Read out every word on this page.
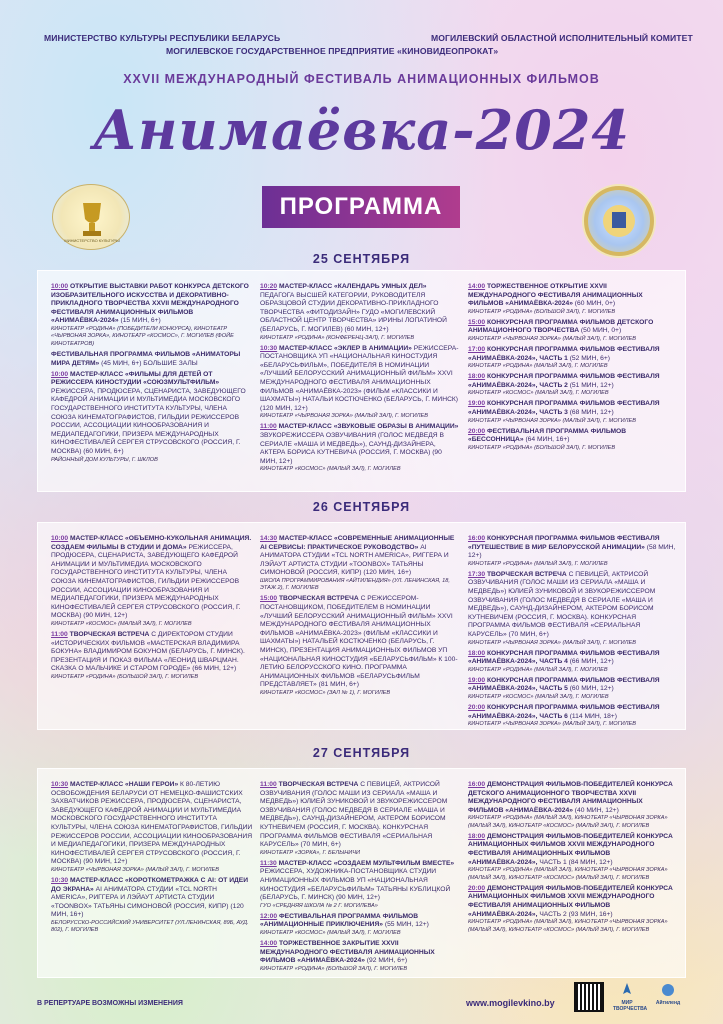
МИНИСТЕРСТВО КУЛЬТУРЫ РЕСПУБЛИКИ БЕЛАРУСЬ	МОГИЛЕВСКИЙ ОБЛАСТНОЙ ИСПОЛНИТЕЛЬНЫЙ КОМИТЕТ
МОГИЛЕВСКОЕ ГОСУДАРСТВЕННОЕ ПРЕДПРИЯТИЕ «КИНОВИДЕОПРОКАТ»
XXVII МЕЖДУНАРОДНЫЙ ФЕСТИВАЛЬ АНИМАЦИОННЫХ ФИЛЬМОВ
Анимаёвка-2024
МИНИСТЕРСТВО КУЛЬТУРЫ
ПРОГРАММА
25 СЕНТЯБРЯ
10:00 ОТКРЫТИЕ ВЫСТАВКИ РАБОТ КОНКУРСА ДЕТСКОГО ИЗОБРАЗИТЕЛЬНОГО ИСКУССТВА И ДЕКОРАТИВНО-ПРИКЛАДНОГО ТВОРЧЕСТВА XXVII МЕЖДУНАРОДНОГО ФЕСТИВАЛЯ АНИМАЦИОННЫХ ФИЛЬМОВ «АНИМАЁВКА-2024» (15 МИН, 6+)
КИНОТЕАТР «РОДИНА» (ПОБЕДИТЕЛИ КОНКУРСА), КИНОТЕАТР «ЧЫРВОНАЯ ЗОРКА», КИНОТЕАТР «КОСМОС», Г. МОГИЛЕВ (ФОЙЕ КИНОТЕАТРОВ)
ФЕСТИВАЛЬНАЯ ПРОГРАММА ФИЛЬМОВ «АНИМАТОРЫ МИРА ДЕТЯМ» (45 МИН, 6+) БОЛЬШИЕ ЗАЛЫ
10:00 МАСТЕР-КЛАСС «ФИЛЬМЫ ДЛЯ ДЕТЕЙ ОТ РЕЖИССЕРА КИНОСТУДИИ «СОЮЗМУЛЬТФИЛЬМ» РЕЖИССЕРА, ПРОДЮСЕРА, СЦЕНАРИСТА, ЗАВЕДУЮЩЕГО КАФЕДРОЙ АНИМАЦИИ И МУЛЬТИМЕДИА МОСКОВСКОГО ГОСУДАРСТВЕННОГО ИНСТИТУТА КУЛЬТУРЫ, ЧЛЕНА СОЮЗА КИНЕМАТОГРАФИСТОВ, ГИЛЬДИИ РЕЖИССЕРОВ РОССИИ, АССОЦИАЦИИ КИНООБРАЗОВАНИЯ И МЕДИАПЕДАГОГИКИ, ПРИЗЕРА МЕЖДУНАРОДНЫХ КИНОФЕСТИВАЛЕЙ СЕРГЕЯ СТРУСОВСКОГО (РОССИЯ, Г. МОСКВА) (60 МИН, 6+)
РАЙОННЫЙ ДОМ КУЛЬТУРЫ, Г. ШКЛОВ
10:20 МАСТЕР-КЛАСС «КАЛЕНДАРЬ УМНЫХ ДЕЛ» ПЕДАГОГА ВЫСШЕЙ КАТЕГОРИИ, РУКОВОДИТЕЛЯ ОБРАЗЦОВОЙ СТУДИИ ДЕКОРАТИВНО-ПРИКЛАДНОГО ТВОРЧЕСТВА «ФИТОДИЗАЙН» ГУДО «МОГИЛЕВСКИЙ ОБЛАСТНОЙ ЦЕНТР ТВОРЧЕСТВА» ИРИНЫ ЛОПАТИНОЙ (БЕЛАРУСЬ, Г. МОГИЛЕВ) (60 МИН, 12+)
КИНОТЕАТР «РОДИНА» (КОНФЕРЕНЦ-ЗАЛ), Г. МОГИЛЕВ
10:30 МАСТЕР-КЛАСС «ЭКЛЕР В АНИМАЦИИ» РЕЖИССЕРА-ПОСТАНОВЩИКА УП «НАЦИОНАЛЬНАЯ КИНОСТУДИЯ «БЕЛАРУСЬФИЛЬМ», ПОБЕДИТЕЛЯ В НОМИНАЦИИ «ЛУЧШИЙ БЕЛОРУССКИЙ АНИМАЦИОННЫЙ ФИЛЬМ» XXVI МЕЖДУНАРОДНОГО ФЕСТИВАЛЯ АНИМАЦИОННЫХ ФИЛЬМОВ «АНИМАЁВКА-2023» (ФИЛЬМ «КЛАССИКИ И ШАХМАТЫ») НАТАЛЬИ КОСТЮЧЕНКО (БЕЛАРУСЬ, Г. МИНСК) (120 МИН, 12+)
КИНОТЕАТР «ЧЫРВОНАЯ ЗОРКА» (МАЛЫЙ ЗАЛ), Г. МОГИЛЕВ
11:00 МАСТЕР-КЛАСС «ЗВУКОВЫЕ ОБРАЗЫ В АНИМАЦИИ» ЗВУКОРЕЖИССЕРА ОЗВУЧИВАНИЯ (ГОЛОС МЕДВЕДЯ В СЕРИАЛЕ «МАША И МЕДВЕДЬ»), САУНД-ДИЗАЙНЕРА, АКТЕРА БОРИСА КУТНЕВИЧА (РОССИЯ, Г. МОСКВА) (90 МИН, 12+)
КИНОТЕАТР «КОСМОС» (МАЛЫЙ ЗАЛ), Г. МОГИЛЕВ
14:00 ТОРЖЕСТВЕННОЕ ОТКРЫТИЕ XXVII МЕЖДУНАРОДНОГО ФЕСТИВАЛЯ АНИМАЦИОННЫХ ФИЛЬМОВ «АНИМАЁВКА-2024» (60 МИН, 0+)
КИНОТЕАТР «РОДИНА» (БОЛЬШОЙ ЗАЛ), Г. МОГИЛЕВ
15:00 КОНКУРСНАЯ ПРОГРАММА ФИЛЬМОВ ДЕТСКОГО АНИМАЦИОННОГО ТВОРЧЕСТВА (50 МИН, 0+)
КИНОТЕАТР «ЧЫРВОНАЯ ЗОРКА» (МАЛЫЙ ЗАЛ), Г. МОГИЛЕВ
17:00 КОНКУРСНАЯ ПРОГРАММА ФИЛЬМОВ ФЕСТИВАЛЯ «АНИМАЁВКА-2024», ЧАСТЬ 1 (52 МИН, 6+)
КИНОТЕАТР «РОДИНА» (МАЛЫЙ ЗАЛ), Г. МОГИЛЕВ
18:00 КОНКУРСНАЯ ПРОГРАММА ФИЛЬМОВ ФЕСТИВАЛЯ «АНИМАЁВКА-2024», ЧАСТЬ 2 (51 МИН, 12+)
КИНОТЕАТР «КОСМОС» (МАЛЫЙ ЗАЛ), Г. МОГИЛЕВ
19:00 КОНКУРСНАЯ ПРОГРАММА ФИЛЬМОВ ФЕСТИВАЛЯ «АНИМАЁВКА-2024», ЧАСТЬ 3 (68 МИН, 12+)
КИНОТЕАТР «ЧЫРВОНАЯ ЗОРКА» (МАЛЫЙ ЗАЛ), Г. МОГИЛЕВ
20:00 ФЕСТИВАЛЬНАЯ ПРОГРАММА ФИЛЬМОВ «БЕССОННИЦА» (64 МИН, 16+)
КИНОТЕАТР «РОДИНА» (БОЛЬШОЙ ЗАЛ), Г. МОГИЛЕВ
26 СЕНТЯБРЯ
10:00 МАСТЕР-КЛАСС «ОБЪЕМНО-КУКОЛЬНАЯ АНИМАЦИЯ. СОЗДАЕМ ФИЛЬМЫ В СТУДИИ И ДОМА» РЕЖИССЕРА, ПРОДЮСЕРА, СЦЕНАРИСТА, ЗАВЕДУЮЩЕГО КАФЕДРОЙ АНИМАЦИИ И МУЛЬТИМЕДИА МОСКОВСКОГО ГОСУДАРСТВЕННОГО ИНСТИТУТА КУЛЬТУРЫ, ЧЛЕНА СОЮЗА КИНЕМАТОГРАФИСТОВ, ГИЛЬДИИ РЕЖИССЕРОВ РОССИИ, АССОЦИАЦИИ КИНООБРАЗОВАНИЯ И МЕДИАПЕДАГОГИКИ, ПРИЗЕРА МЕЖДУНАРОДНЫХ КИНОФЕСТИВАЛЕЙ СЕРГЕЯ СТРУСОВСКОГО (РОССИЯ, Г. МОСКВА) (90 МИН, 12+)
КИНОТЕАТР «КОСМОС» (МАЛЫЙ ЗАЛ), Г. МОГИЛЕВ
11:00 ТВОРЧЕСКАЯ ВСТРЕЧА С ДИРЕКТОРОМ СТУДИИ «ИСТОРИЧЕСКИХ ФИЛЬМОВ «МАСТЕРСКАЯ ВЛАДИМИРА БОКУНА» ВЛАДИМИРОМ БОКУНОМ (БЕЛАРУСЬ, Г. МИНСК). ПРЕЗЕНТАЦИЯ И ПОКАЗ ФИЛЬМА «ЛЕОНИД ШВАРЦМАН. СКАЗКА О МАЛЬЧИКЕ И СТАРОМ ГОРОДЕ» (66 МИН, 12+)
КИНОТЕАТР «РОДИНА» (БОЛЬШОЙ ЗАЛ), Г. МОГИЛЕВ
14:30 МАСТЕР-КЛАСС «СОВРЕМЕННЫЕ АНИМАЦИОННЫЕ AI СЕРВИСЫ: ПРАКТИЧЕСКОЕ РУКОВОДСТВО» AI АНИМАТОРА СТУДИИ «TCL NORTH AMERICA», РИГГЕРА И ЛЭЙАУТ АРТИСТА СТУДИИ «TOONBOX» ТАТЬЯНЫ СИМОНОВОЙ (РОССИЯ, КИПР) (120 МИН, 16+)
ШКОЛА ПРОГРАММИРОВАНИЯ «АЙТИЛЕНДИЯ» (УЛ. ЛЕНИНСКАЯ, 18, ЭТАЖ 2), Г. МОГИЛЕВ
15:00 ТВОРЧЕСКАЯ ВСТРЕЧА С РЕЖИССЕРОМ-ПОСТАНОВЩИКОМ, ПОБЕДИТЕЛЕМ В НОМИНАЦИИ «ЛУЧШИЙ БЕЛОРУССКИЙ АНИМАЦИОННЫЙ ФИЛЬМ» XXVI МЕЖДУНАРОДНОГО ФЕСТИВАЛЯ АНИМАЦИОННЫХ ФИЛЬМОВ «АНИМАЁВКА-2023» (ФИЛЬМ «КЛАССИКИ И ШАХМАТЫ») НАТАЛЬЕЙ КОСТЮЧЕНКО (БЕЛАРУСЬ, Г. МИНСК), ПРЕЗЕНТАЦИЯ АНИМАЦИОННЫХ ФИЛЬМОВ УП «НАЦИОНАЛЬНАЯ КИНОСТУДИЯ «БЕЛАРУСЬФИЛЬМ» К 100-ЛЕТИЮ БЕЛОРУССКОГО КИНО. ПРОГРАММА АНИМАЦИОННЫХ ФИЛЬМОВ «БЕЛАРУСЬФИЛЬМ ПРЕДСТАВЛЯЕТ» (81 МИН, 6+)
КИНОТЕАТР «КОСМОС» (ЗАЛ № 1), Г. МОГИЛЕВ
16:00 КОНКУРСНАЯ ПРОГРАММА ФИЛЬМОВ ФЕСТИВАЛЯ «ПУТЕШЕСТВИЕ В МИР БЕЛОРУССКОЙ АНИМАЦИИ» (58 МИН, 12+)
КИНОТЕАТР «РОДИНА» (МАЛЫЙ ЗАЛ), Г. МОГИЛЕВ
17:30 ТВОРЧЕСКАЯ ВСТРЕЧА С ПЕВИЦЕЙ, АКТРИСОЙ ОЗВУЧИВАНИЯ (ГОЛОС МАШИ ИЗ СЕРИАЛА «МАША И МЕДВЕДЬ») ЮЛИЕЙ ЗУНИКОВОЙ И ЗВУКОРЕЖИССЕРОМ ОЗВУЧИВАНИЯ (ГОЛОС МЕДВЕДЯ В СЕРИАЛЕ «МАША И МЕДВЕДЬ»), САУНД-ДИЗАЙНЕРОМ, АКТЕРОМ БОРИСОМ КУТНЕВИЧЕМ (РОССИЯ, Г. МОСКВА). КОНКУРСНАЯ ПРОГРАММА ФИЛЬМОВ ФЕСТИВАЛЯ «СЕРИАЛЬНАЯ КАРУСЕЛЬ» (70 МИН, 6+)
КИНОТЕАТР «ЧЫРВОНАЯ ЗОРКА» (МАЛЫЙ ЗАЛ), Г. МОГИЛЕВ
18:00 КОНКУРСНАЯ ПРОГРАММА ФИЛЬМОВ ФЕСТИВАЛЯ «АНИМАЁВКА-2024», ЧАСТЬ 4 (66 МИН, 12+)
КИНОТЕАТР «РОДИНА» (МАЛЫЙ ЗАЛ), Г. МОГИЛЕВ
19:00 КОНКУРСНАЯ ПРОГРАММА ФИЛЬМОВ ФЕСТИВАЛЯ «АНИМАЁВКА-2024», ЧАСТЬ 5 (60 МИН, 12+)
КИНОТЕАТР «КОСМОС» (МАЛЫЙ ЗАЛ), Г. МОГИЛЕВ
20:00 КОНКУРСНАЯ ПРОГРАММА ФИЛЬМОВ ФЕСТИВАЛЯ «АНИМАЁВКА-2024», ЧАСТЬ 6 (114 МИН, 18+)
КИНОТЕАТР «ЧЫРВОНАЯ ЗОРКА» (МАЛЫЙ ЗАЛ), Г. МОГИЛЕВ
27 СЕНТЯБРЯ
10:30 МАСТЕР-КЛАСС «НАШИ ГЕРОИ» К 80-ЛЕТИЮ ОСВОБОЖДЕНИЯ БЕЛАРУСИ ОТ НЕМЕЦКО-ФАШИСТСКИХ ЗАХВАТЧИКОВ РЕЖИССЕРА, ПРОДЮСЕРА, СЦЕНАРИСТА, ЗАВЕДУЮЩЕГО КАФЕДРОЙ АНИМАЦИИ И МУЛЬТИМЕДИА МОСКОВСКОГО ГОСУДАРСТВЕННОГО ИНСТИТУТА КУЛЬТУРЫ, ЧЛЕНА СОЮЗА КИНЕМАТОГРАФИСТОВ, ГИЛЬДИИ РЕЖИССЕРОВ РОССИИ, АССОЦИАЦИИ КИНООБРАЗОВАНИЯ И МЕДИАПЕДАГОГИКИ, ПРИЗЕРА МЕЖДУНАРОДНЫХ КИНОФЕСТИВАЛЕЙ СЕРГЕЯ СТРУСОВСКОГО (РОССИЯ, Г. МОСКВА) (90 МИН, 12+)
КИНОТЕАТР «ЧЫРВОНАЯ ЗОРКА» (МАЛЫЙ ЗАЛ), Г. МОГИЛЕВ
10:30 МАСТЕР-КЛАСС «КОРОТКОМЕТРАЖКА С AI: ОТ ИДЕИ ДО ЭКРАНА» AI АНИМАТОРА СТУДИИ «TCL NORTH AMERICA», РИГГЕРА И ЛЭЙАУТ АРТИСТА СТУДИИ «TOONBOX» ТАТЬЯНЫ СИМОНОВОЙ (РОССИЯ, КИПР) (120 МИН, 16+)
БЕЛОРУССКО-РОССИЙСКИЙ УНИВЕРСИТЕТ (УЛ.ЛЕНИНСКАЯ, 89Б, АУД. 802), Г. МОГИЛЕВ
11:00 ТВОРЧЕСКАЯ ВСТРЕЧА С ПЕВИЦЕЙ, АКТРИСОЙ ОЗВУЧИВАНИЯ (ГОЛОС МАШИ ИЗ СЕРИАЛА «МАША И МЕДВЕДЬ») ЮЛИЕЙ ЗУНИКОВОЙ И ЗВУКОРЕЖИССЕРОМ ОЗВУЧИВАНИЯ (ГОЛОС МЕДВЕДЯ В СЕРИАЛЕ «МАША И МЕДВЕДЬ»), САУНД-ДИЗАЙНЕРОМ, АКТЕРОМ БОРИСОМ КУТНЕВИЧЕМ (РОССИЯ, Г. МОСКВА). КОНКУРСНАЯ ПРОГРАММА ФИЛЬМОВ ФЕСТИВАЛЯ «СЕРИАЛЬНАЯ КАРУСЕЛЬ» (70 МИН, 6+)
КИНОТЕАТР «ЗОРКА», Г. БЕЛЫНИЧИ
11:30 МАСТЕР-КЛАСС «СОЗДАЕМ МУЛЬТФИЛЬМ ВМЕСТЕ» РЕЖИССЕРА, ХУДОЖНИКА-ПОСТАНОВЩИКА СТУДИИ АНИМАЦИОННЫХ ФИЛЬМОВ УП «НАЦИОНАЛЬНАЯ КИНОСТУДИЯ «БЕЛАРУСЬФИЛЬМ» ТАТЬЯНЫ КУБЛИЦКОЙ (БЕЛАРУСЬ, Г. МИНСК) (90 МИН, 12+)
ГУО «СРЕДНЯЯ ШКОЛА № 2 Г. МОГИЛЕВА»
12:00 ФЕСТИВАЛЬНАЯ ПРОГРАММА ФИЛЬМОВ «АНИМАЦИОННЫЕ ПРИКЛЮЧЕНИЯ» (55 МИН, 12+)
КИНОТЕАТР «КОСМОС» (МАЛЫЙ ЗАЛ), Г. МОГИЛЕВ
14:00 ТОРЖЕСТВЕННОЕ ЗАКРЫТИЕ XXVII МЕЖДУНАРОДНОГО ФЕСТИВАЛЯ АНИМАЦИОННЫХ ФИЛЬМОВ «АНИМАЁВКА-2024» (92 МИН, 6+)
КИНОТЕАТР «РОДИНА» (БОЛЬШОЙ ЗАЛ), Г. МОГИЛЕВ
16:00 ДЕМОНСТРАЦИЯ ФИЛЬМОВ-ПОБЕДИТЕЛЕЙ КОНКУРСА ДЕТСКОГО АНИМАЦИОННОГО ТВОРЧЕСТВА XXVII МЕЖДУНАРОДНОГО ФЕСТИВАЛЯ АНИМАЦИОННЫХ ФИЛЬМОВ «АНИМАЁВКА-2024» (40 МИН, 12+)
КИНОТЕАТР «РОДИНА» (МАЛЫЙ ЗАЛ), КИНОТЕАТР «ЧЫРВОНАЯ ЗОРКА» (МАЛЫЙ ЗАЛ), КИНОТЕАТР «КОСМОС» (МАЛЫЙ ЗАЛ), Г. МОГИЛЕВ
18:00 ДЕМОНСТРАЦИЯ ФИЛЬМОВ-ПОБЕДИТЕЛЕЙ КОНКУРСА АНИМАЦИОННЫХ ФИЛЬМОВ XXVII МЕЖДУНАРОДНОГО ФЕСТИВАЛЯ АНИМАЦИОННЫХ ФИЛЬМОВ «АНИМАЁВКА-2024», ЧАСТЬ 1 (84 МИН, 12+)
КИНОТЕАТР «РОДИНА» (МАЛЫЙ ЗАЛ), КИНОТЕАТР «ЧЫРВОНАЯ ЗОРКА» (МАЛЫЙ ЗАЛ), КИНОТЕАТР «КОСМОС» (МАЛЫЙ ЗАЛ), Г. МОГИЛЕВ
20:00 ДЕМОНСТРАЦИЯ ФИЛЬМОВ-ПОБЕДИТЕЛЕЙ КОНКУРСА АНИМАЦИОННЫХ ФИЛЬМОВ XXVII МЕЖДУНАРОДНОГО ФЕСТИВАЛЯ АНИМАЦИОННЫХ ФИЛЬМОВ «АНИМАЁВКА-2024», ЧАСТЬ 2 (93 МИН, 16+)
КИНОТЕАТР «РОДИНА» (МАЛЫЙ ЗАЛ), КИНОТЕАТР «ЧЫРВОНАЯ ЗОРКА» (МАЛЫЙ ЗАЛ), КИНОТЕАТР «КОСМОС» (МАЛЫЙ ЗАЛ), Г. МОГИЛЕВ
В РЕПЕРТУАРЕ ВОЗМОЖНЫ ИЗМЕНЕНИЯ	www.mogilevkino.by	МИР ТВОРЧЕСТВА
Айтиленд
